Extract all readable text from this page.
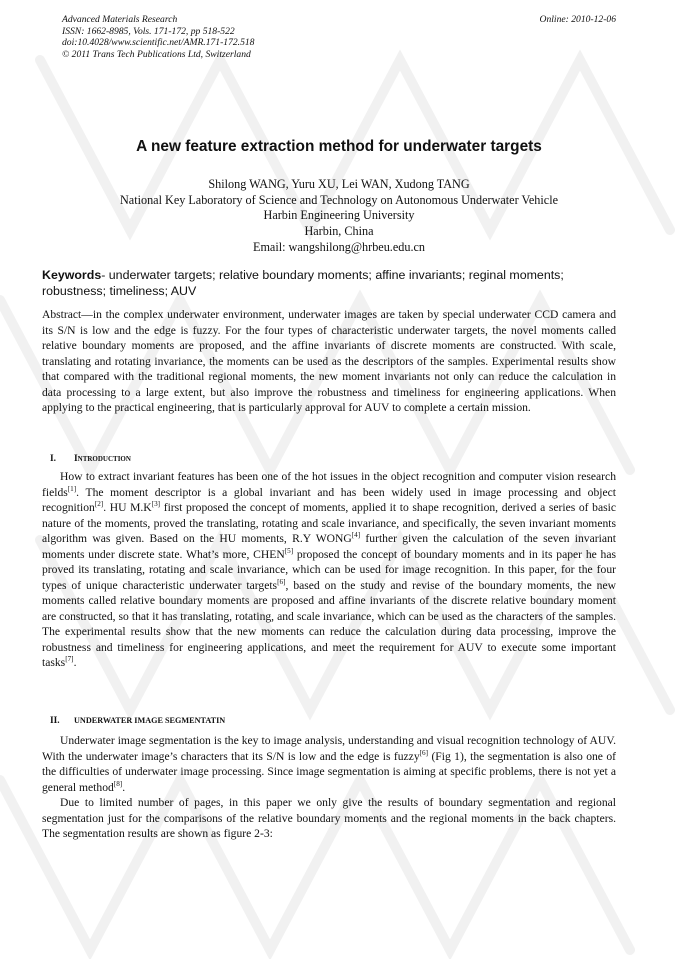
Advanced Materials Research
ISSN: 1662-8985, Vols. 171-172, pp 518-522
doi:10.4028/www.scientific.net/AMR.171-172.518
© 2011 Trans Tech Publications Ltd, Switzerland
Online: 2010-12-06
A new feature extraction method for underwater targets
Shilong WANG, Yuru XU, Lei WAN, Xudong TANG
National Key Laboratory of Science and Technology on Autonomous Underwater Vehicle
Harbin Engineering University
Harbin, China
Email: wangshilong@hrbeu.edu.cn
Keywords- underwater targets; relative boundary moments; affine invariants; reginal moments; robustness; timeliness; AUV
Abstract—in the complex underwater environment, underwater images are taken by special underwater CCD camera and its S/N is low and the edge is fuzzy. For the four types of characteristic underwater targets, the novel moments called relative boundary moments are proposed, and the affine invariants of discrete moments are constructed. With scale, translating and rotating invariance, the moments can be used as the descriptors of the samples. Experimental results show that compared with the traditional regional moments, the new moment invariants not only can reduce the calculation in data processing to a large extent, but also improve the robustness and timeliness for engineering applications. When applying to the practical engineering, that is particularly approval for AUV to complete a certain mission.
I. Introduction

How to extract invariant features has been one of the hot issues in the object recognition and computer vision research fields[1]. The moment descriptor is a global invariant and has been widely used in image processing and object recognition[2]. HU M.K[3] first proposed the concept of moments, applied it to shape recognition, derived a series of basic nature of the moments, proved the translating, rotating and scale invariance, and specifically, the seven invariant moments algorithm was given. Based on the HU moments, R.Y WONG[4] further given the calculation of the seven invariant moments under discrete state. What’s more, CHEN[5] proposed the concept of boundary moments and in its paper he has proved its translating, rotating and scale invariance, which can be used for image recognition. In this paper, for the four types of unique characteristic underwater targets[6], based on the study and revise of the boundary moments, the new moments called relative boundary moments are proposed and affine invariants of the discrete relative boundary moment are constructed, so that it has translating, rotating, and scale invariance, which can be used as the characters of the samples. The experimental results show that the new moments can reduce the calculation during data processing, improve the robustness and timeliness for engineering applications, and meet the requirement for AUV to execute some important tasks[7].

II. UNDERWATER IMAGE SEGMENTATIN

Underwater image segmentation is the key to image analysis, understanding and visual recognition technology of AUV. With the underwater image’s characters that its S/N is low and the edge is fuzzy[6] (Fig 1), the segmentation is also one of the difficulties of underwater image processing. Since image segmentation is aiming at specific problems, there is not yet a general method[8].

Due to limited number of pages, in this paper we only give the results of boundary segmentation and regional segmentation just for the comparisons of the relative boundary moments and the regional moments in the back chapters. The segmentation results are shown as figure 2-3:
